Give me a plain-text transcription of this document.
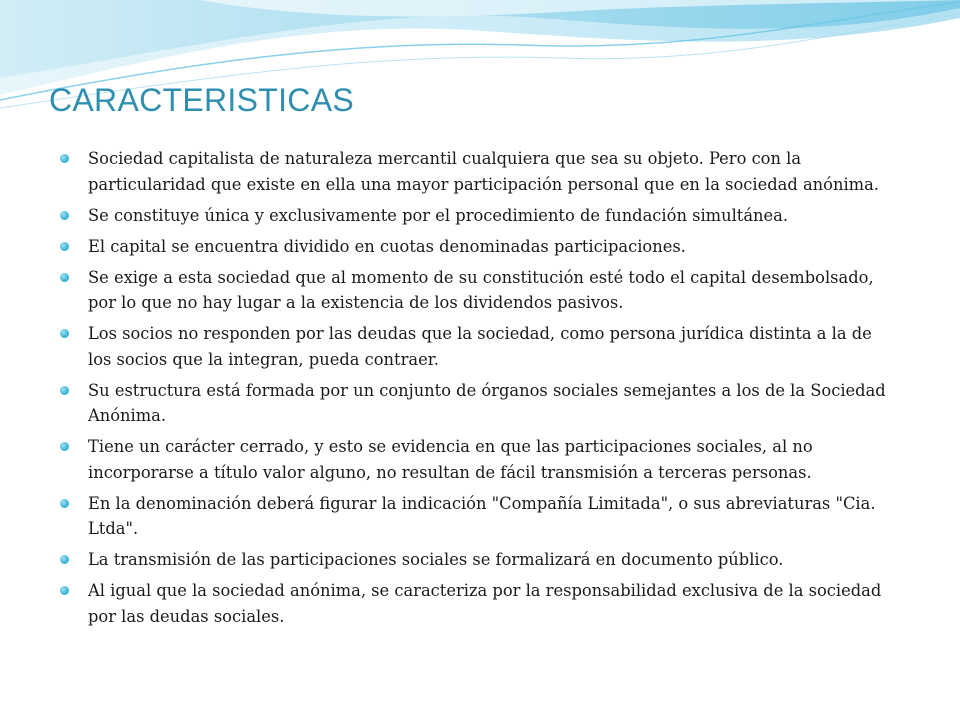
CARACTERISTICAS
Sociedad capitalista de naturaleza mercantil cualquiera que sea su objeto. Pero con la particularidad que existe en ella una mayor participación personal que en la sociedad anónima.
Se constituye única y exclusivamente por el procedimiento de fundación simultánea.
El capital se encuentra dividido en cuotas denominadas participaciones.
Se exige a esta sociedad que al momento de su constitución esté todo el capital desembolsado, por lo que no hay lugar a la existencia de los dividendos pasivos.
Los socios no responden por las deudas que la sociedad, como persona jurídica distinta a la de los socios que la integran, pueda contraer.
Su estructura está formada por un conjunto de órganos sociales semejantes a los de la Sociedad Anónima.
Tiene un carácter cerrado, y esto se evidencia en que las participaciones sociales, al no incorporarse a título valor alguno, no resultan de fácil transmisión a terceras personas.
En la denominación deberá figurar la indicación "Compañía Limitada", o sus abreviaturas "Cia. Ltda".
La transmisión de las participaciones sociales se formalizará en documento público.
Al igual que la sociedad anónima, se caracteriza por la responsabilidad exclusiva de la sociedad por las deudas sociales.
